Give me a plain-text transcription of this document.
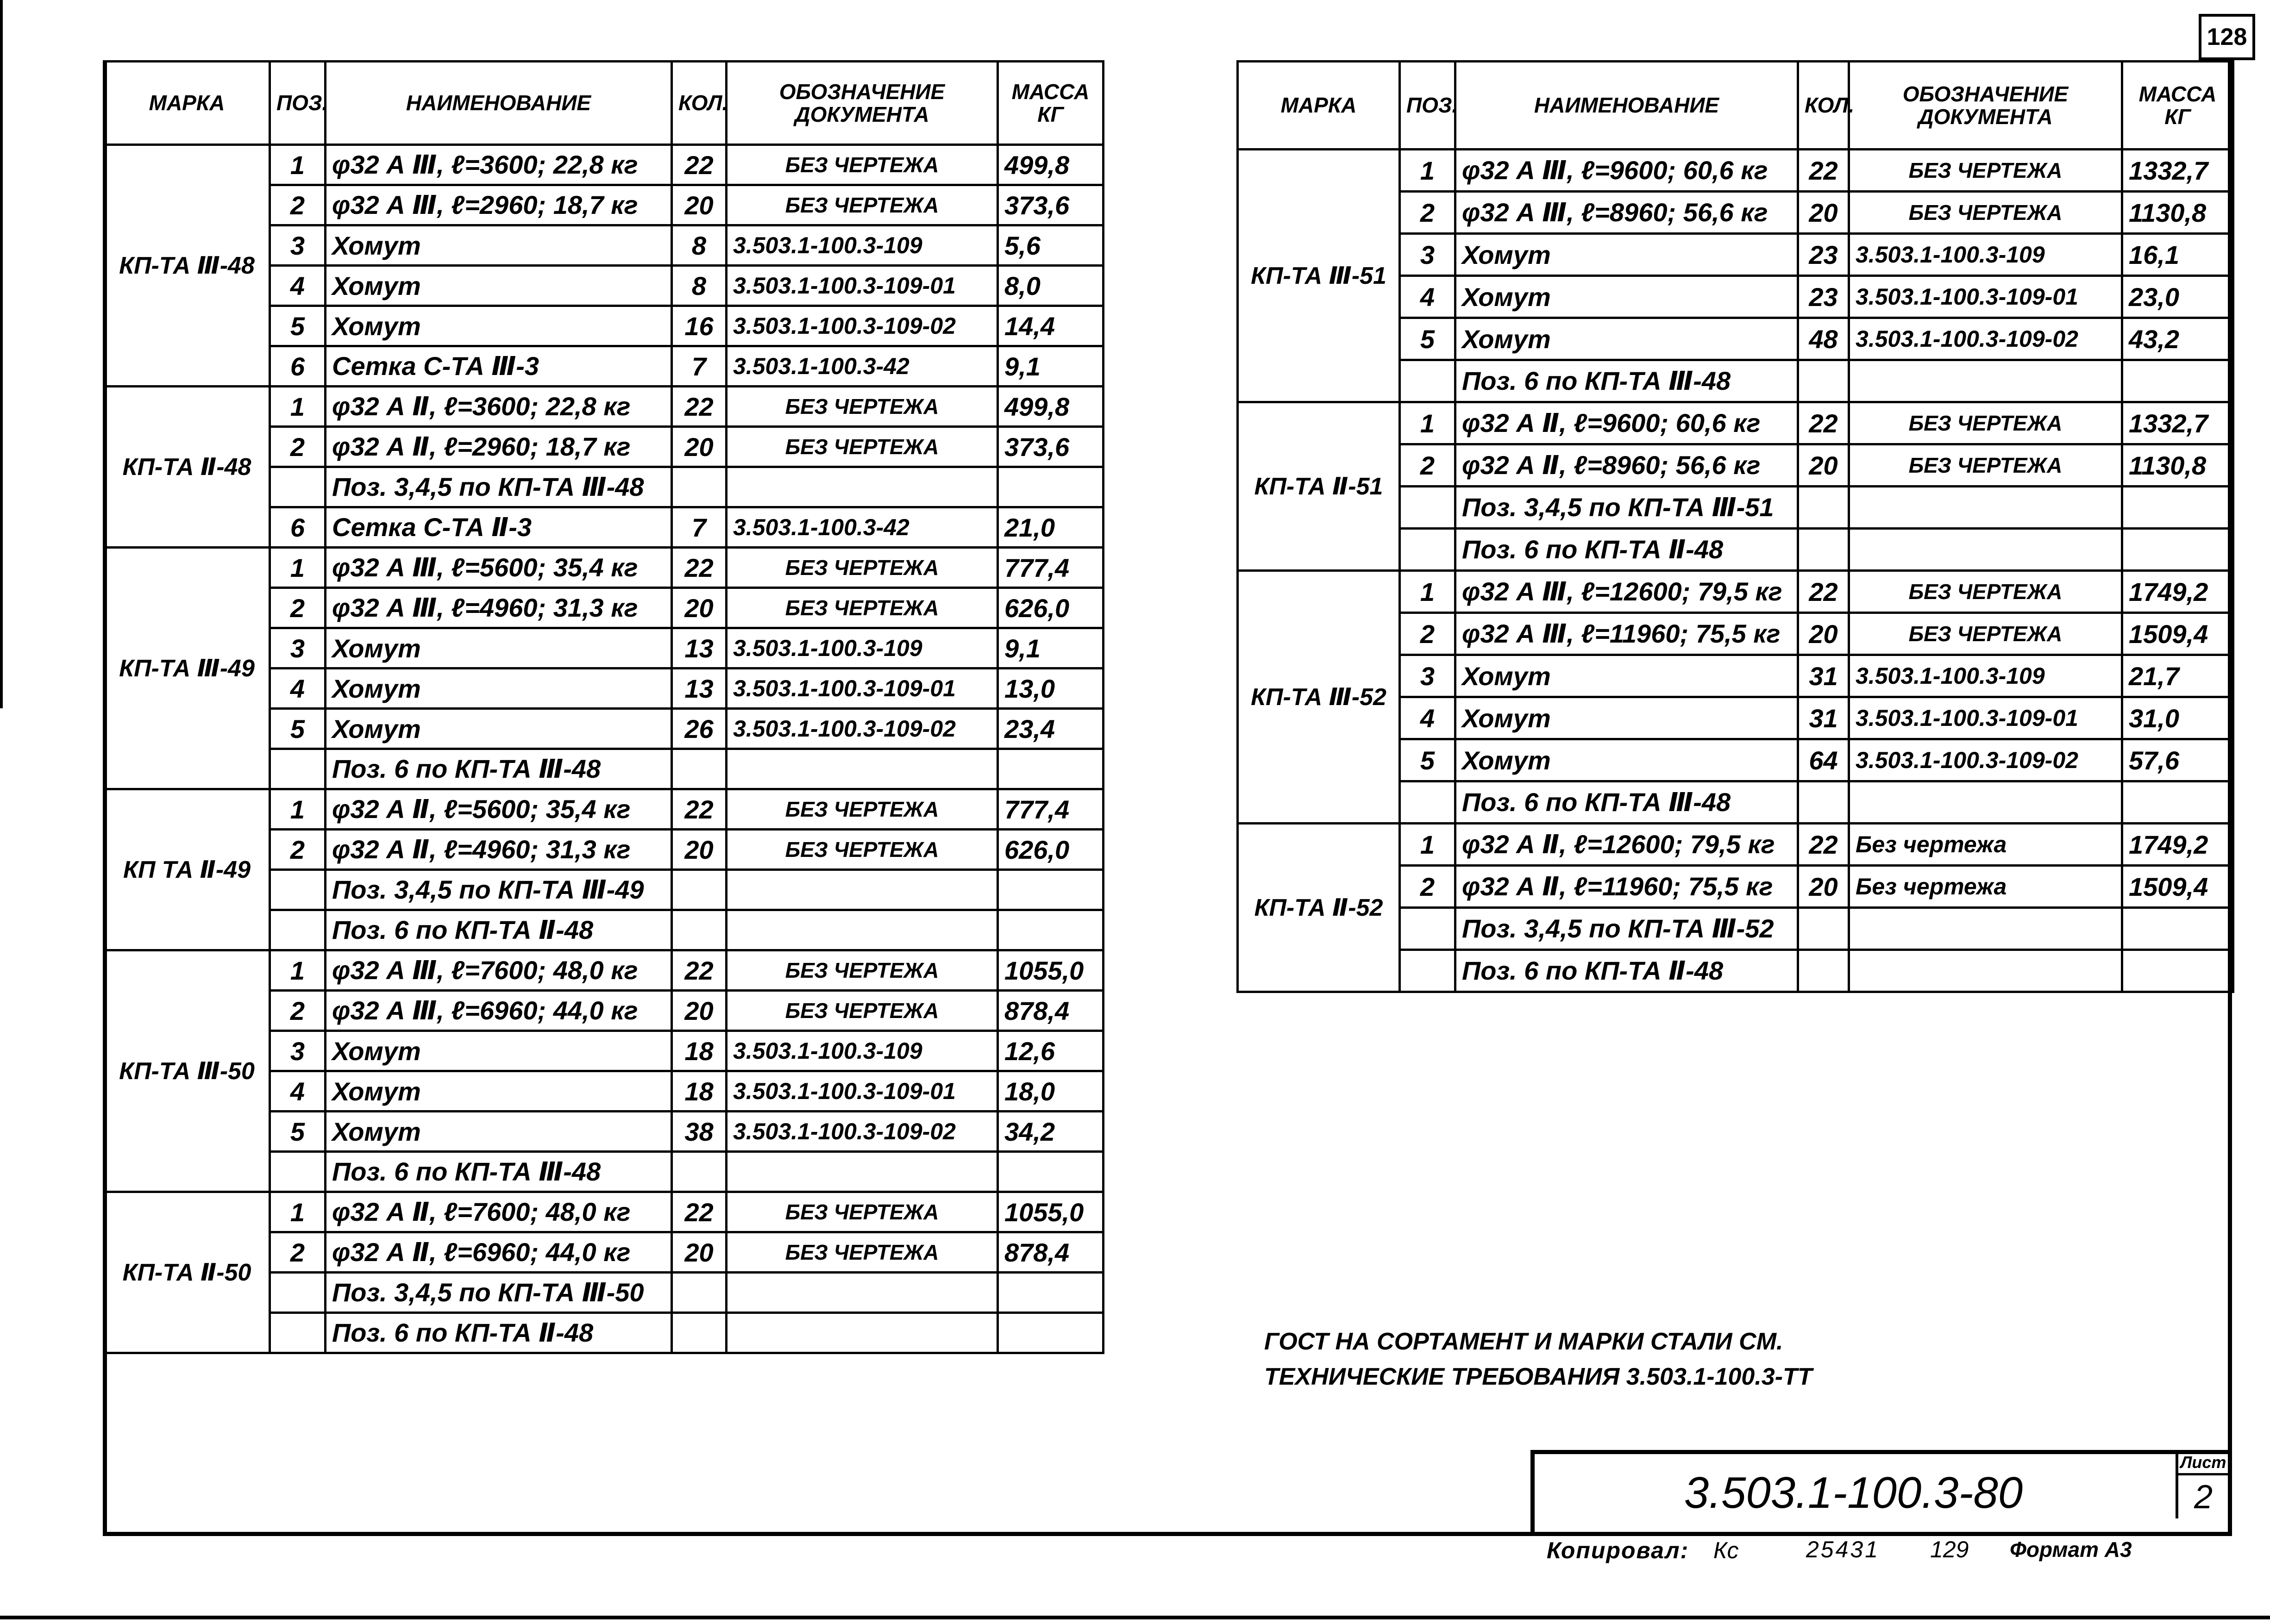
128
МАРКА	ПОЗ.	НАИМЕНОВАНИЕ	КОЛ.	ОБОЗНАЧЕНИЕ ДОКУМЕНТА	МАССА КГ
КП-ТА Ⅲ-48	1	φ32 А Ⅲ, ℓ=3600; 22,8 кг	22	БЕЗ ЧЕРТЕЖА	499,8
	2	φ32 А Ⅲ, ℓ=2960; 18,7 кг	20	БЕЗ ЧЕРТЕЖА	373,6
	3	Хомут	8	3.503.1-100.3-109	5,6
	4	Хомут	8	3.503.1-100.3-109-01	8,0
	5	Хомут	16	3.503.1-100.3-109-02	14,4
	6	Сетка С-ТА Ⅲ-3	7	3.503.1-100.3-42	9,1
КП-ТА Ⅱ-48	1	φ32 А Ⅱ, ℓ=3600; 22,8 кг	22	БЕЗ ЧЕРТЕЖА	499,8
	2	φ32 А Ⅱ, ℓ=2960; 18,7 кг	20	БЕЗ ЧЕРТЕЖА	373,6
		Поз. 3,4,5 по КП-ТА Ⅲ-48			
	6	Сетка С-ТА Ⅱ-3	7	3.503.1-100.3-42	21,0
КП-ТА Ⅲ-49	1	φ32 А Ⅲ, ℓ=5600; 35,4 кг	22	БЕЗ ЧЕРТЕЖА	777,4
	2	φ32 А Ⅲ, ℓ=4960; 31,3 кг	20	БЕЗ ЧЕРТЕЖА	626,0
	3	Хомут	13	3.503.1-100.3-109	9,1
	4	Хомут	13	3.503.1-100.3-109-01	13,0
	5	Хомут	26	3.503.1-100.3-109-02	23,4
		Поз. 6 по КП-ТА Ⅲ-48			
КП ТА Ⅱ-49	1	φ32 А Ⅱ, ℓ=5600; 35,4 кг	22	БЕЗ ЧЕРТЕЖА	777,4
	2	φ32 А Ⅱ, ℓ=4960; 31,3 кг	20	БЕЗ ЧЕРТЕЖА	626,0
		Поз. 3,4,5 по КП-ТА Ⅲ-49			
		Поз. 6 по КП-ТА Ⅱ-48			
КП-ТА Ⅲ-50	1	φ32 А Ⅲ, ℓ=7600; 48,0 кг	22	БЕЗ ЧЕРТЕЖА	1055,0
	2	φ32 А Ⅲ, ℓ=6960; 44,0 кг	20	БЕЗ ЧЕРТЕЖА	878,4
	3	Хомут	18	3.503.1-100.3-109	12,6
	4	Хомут	18	3.503.1-100.3-109-01	18,0
	5	Хомут	38	3.503.1-100.3-109-02	34,2
		Поз. 6 по КП-ТА Ⅲ-48			
КП-ТА Ⅱ-50	1	φ32 А Ⅱ, ℓ=7600; 48,0 кг	22	БЕЗ ЧЕРТЕЖА	1055,0
	2	φ32 А Ⅱ, ℓ=6960; 44,0 кг	20	БЕЗ ЧЕРТЕЖА	878,4
		Поз. 3,4,5 по КП-ТА Ⅲ-50			
		Поз. 6 по КП-ТА Ⅱ-48			
МАРКА	ПОЗ.	НАИМЕНОВАНИЕ	КОЛ.	ОБОЗНАЧЕНИЕ ДОКУМЕНТА	МАССА КГ
КП-ТА Ⅲ-51	1	φ32 А Ⅲ, ℓ=9600; 60,6 кг	22	БЕЗ ЧЕРТЕЖА	1332,7
	2	φ32 А Ⅲ, ℓ=8960; 56,6 кг	20	БЕЗ ЧЕРТЕЖА	1130,8
	3	Хомут	23	3.503.1-100.3-109	16,1
	4	Хомут	23	3.503.1-100.3-109-01	23,0
	5	Хомут	48	3.503.1-100.3-109-02	43,2
		Поз. 6 по КП-ТА Ⅲ-48			
КП-ТА Ⅱ-51	1	φ32 А Ⅱ, ℓ=9600; 60,6 кг	22	БЕЗ ЧЕРТЕЖА	1332,7
	2	φ32 А Ⅱ, ℓ=8960; 56,6 кг	20	БЕЗ ЧЕРТЕЖА	1130,8
		Поз. 3,4,5 по КП-ТА Ⅲ-51			
		Поз. 6 по КП-ТА Ⅱ-48			
КП-ТА Ⅲ-52	1	φ32 А Ⅲ, ℓ=12600; 79,5 кг	22	БЕЗ ЧЕРТЕЖА	1749,2
	2	φ32 А Ⅲ, ℓ=11960; 75,5 кг	20	БЕЗ ЧЕРТЕЖА	1509,4
	3	Хомут	31	3.503.1-100.3-109	21,7
	4	Хомут	31	3.503.1-100.3-109-01	31,0
	5	Хомут	64	3.503.1-100.3-109-02	57,6
		Поз. 6 по КП-ТА Ⅲ-48			
КП-ТА Ⅱ-52	1	φ32 А Ⅱ, ℓ=12600; 79,5 кг	22	Без чертежа	1749,2
	2	φ32 А Ⅱ, ℓ=11960; 75,5 кг	20	Без чертежа	1509,4
		Поз. 3,4,5 по КП-ТА Ⅲ-52			
		Поз. 6 по КП-ТА Ⅱ-48			
ГОСТ НА СОРТАМЕНТ И МАРКИ СТАЛИ СМ.
ТЕХНИЧЕСКИЕ ТРЕБОВАНИЯ 3.503.1-100.3-ТТ
3.503.1-100.3-80
Лист
2
Копировал: Кс	25431 129 Формат А3
